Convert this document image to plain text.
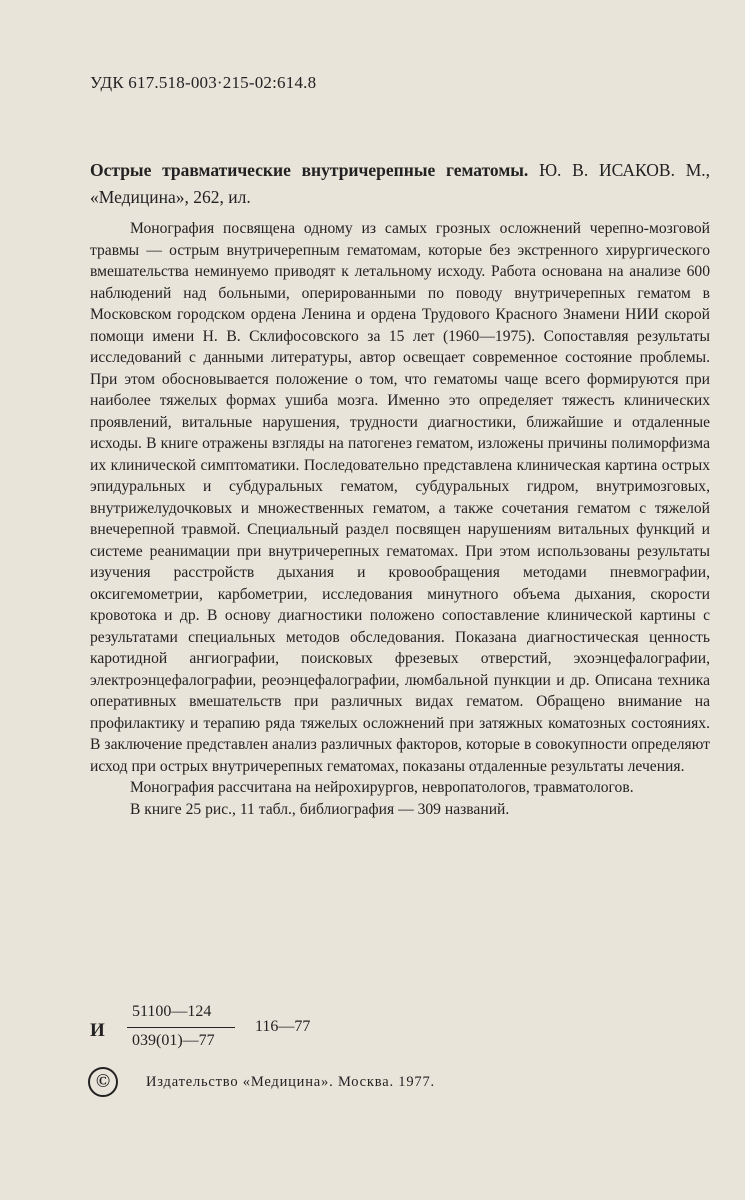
УДК 617.518-003·215-02:614.8
Острые травматические внутричерепные гематомы. Ю. В. ИСАКОВ. М., «Медицина», 262, ил.

Монография посвящена одному из самых грозных осложнений черепно-мозговой травмы — острым внутричерепным гематомам, которые без экстренного хирургического вмешательства неминуемо приводят к летальному исходу. Работа основана на анализе 600 наблюдений над больными, оперированными по поводу внутричерепных гематом в Московском городском ордена Ленина и ордена Трудового Красного Знамени НИИ скорой помощи имени Н. В. Склифосовского за 15 лет (1960—1975). Сопоставляя результаты исследований с данными литературы, автор освещает современное состояние проблемы. При этом обосновывается положение о том, что гематомы чаще всего формируются при наиболее тяжелых формах ушиба мозга. Именно это определяет тяжесть клинических проявлений, витальные нарушения, трудности диагностики, ближайшие и отдаленные исходы. В книге отражены взгляды на патогенез гематом, изложены причины полиморфизма их клинической симптоматики. Последовательно представлена клиническая картина острых эпидуральных и субдуральных гематом, субдуральных гидром, внутримозговых, внутрижелудочковых и множественных гематом, а также сочетания гематом с тяжелой внечерепной травмой. Специальный раздел посвящен нарушениям витальных функций и системе реанимации при внутричерепных гематомах. При этом использованы результаты изучения расстройств дыхания и кровообращения методами пневмографии, оксигемометрии, карбометрии, исследования минутного объема дыхания, скорости кровотока и др. В основу диагностики положено сопоставление клинической картины с результатами специальных методов обследования. Показана диагностическая ценность каротидной ангиографии, поисковых фрезевых отверстий, эхоэнцефалографии, электроэнцефалографии, реоэнцефалографии, люмбальной пункции и др. Описана техника оперативных вмешательств при различных видах гематом. Обращено внимание на профилактику и терапию ряда тяжелых осложнений при затяжных коматозных состояниях. В заключение представлен анализ различных факторов, которые в совокупности определяют исход при острых внутричерепных гематомах, показаны отдаленные результаты лечения.

Монография рассчитана на нейрохирургов, невропатологов, травматологов.

В книге 25 рис., 11 табл., библиография — 309 названий.

И
51100—124
039(01)—77
116—77
© Издательство «Медицина». Москва. 1977.
